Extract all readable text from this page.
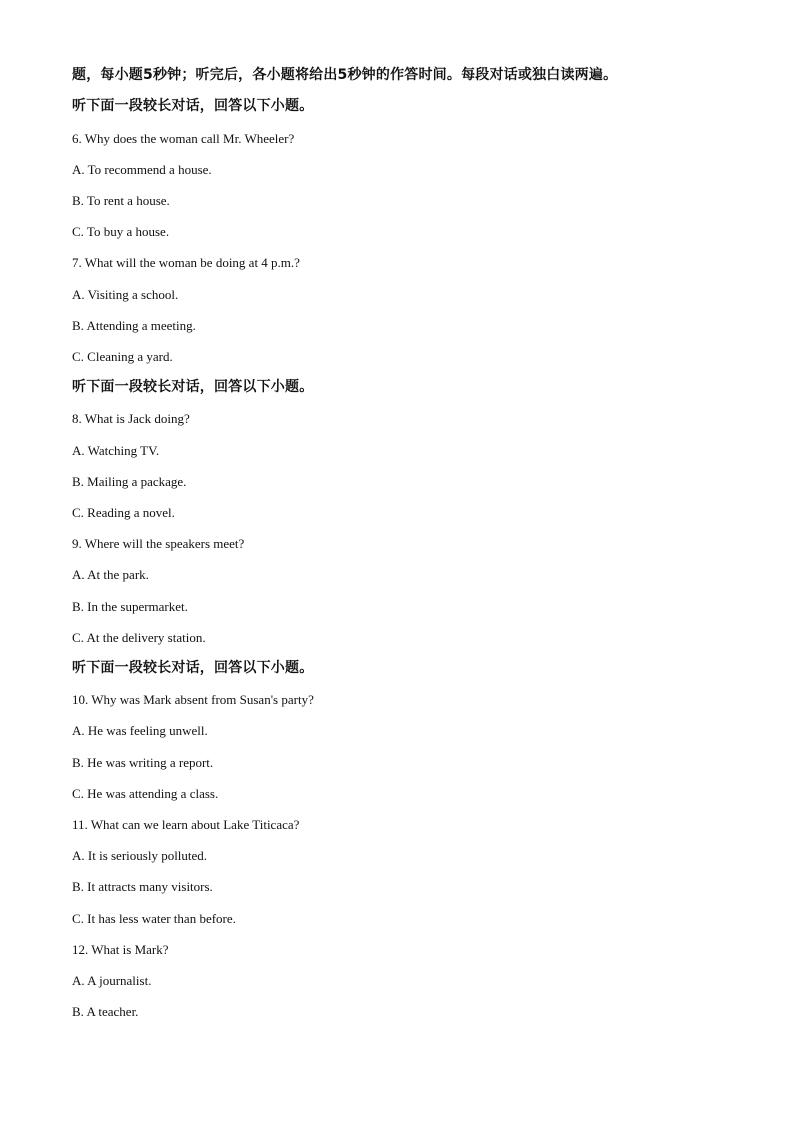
题，每小题5秒钟；听完后，各小题将给出5秒钟的作答时间。每段对话或独白读两遍。
听下面一段较长对话，回答以下小题。
6. Why does the woman call Mr. Wheeler?
A. To recommend a house.
B. To rent a house.
C. To buy a house.
7. What will the woman be doing at 4 p.m.?
A. Visiting a school.
B. Attending a meeting.
C. Cleaning a yard.
听下面一段较长对话，回答以下小题。
8. What is Jack doing?
A. Watching TV.
B. Mailing a package.
C. Reading a novel.
9. Where will the speakers meet?
A. At the park.
B. In the supermarket.
C. At the delivery station.
听下面一段较长对话，回答以下小题。
10. Why was Mark absent from Susan's party?
A. He was feeling unwell.
B. He was writing a report.
C. He was attending a class.
11. What can we learn about Lake Titicaca?
A. It is seriously polluted.
B. It attracts many visitors.
C. It has less water than before.
12. What is Mark?
A. A journalist.
B. A teacher.
